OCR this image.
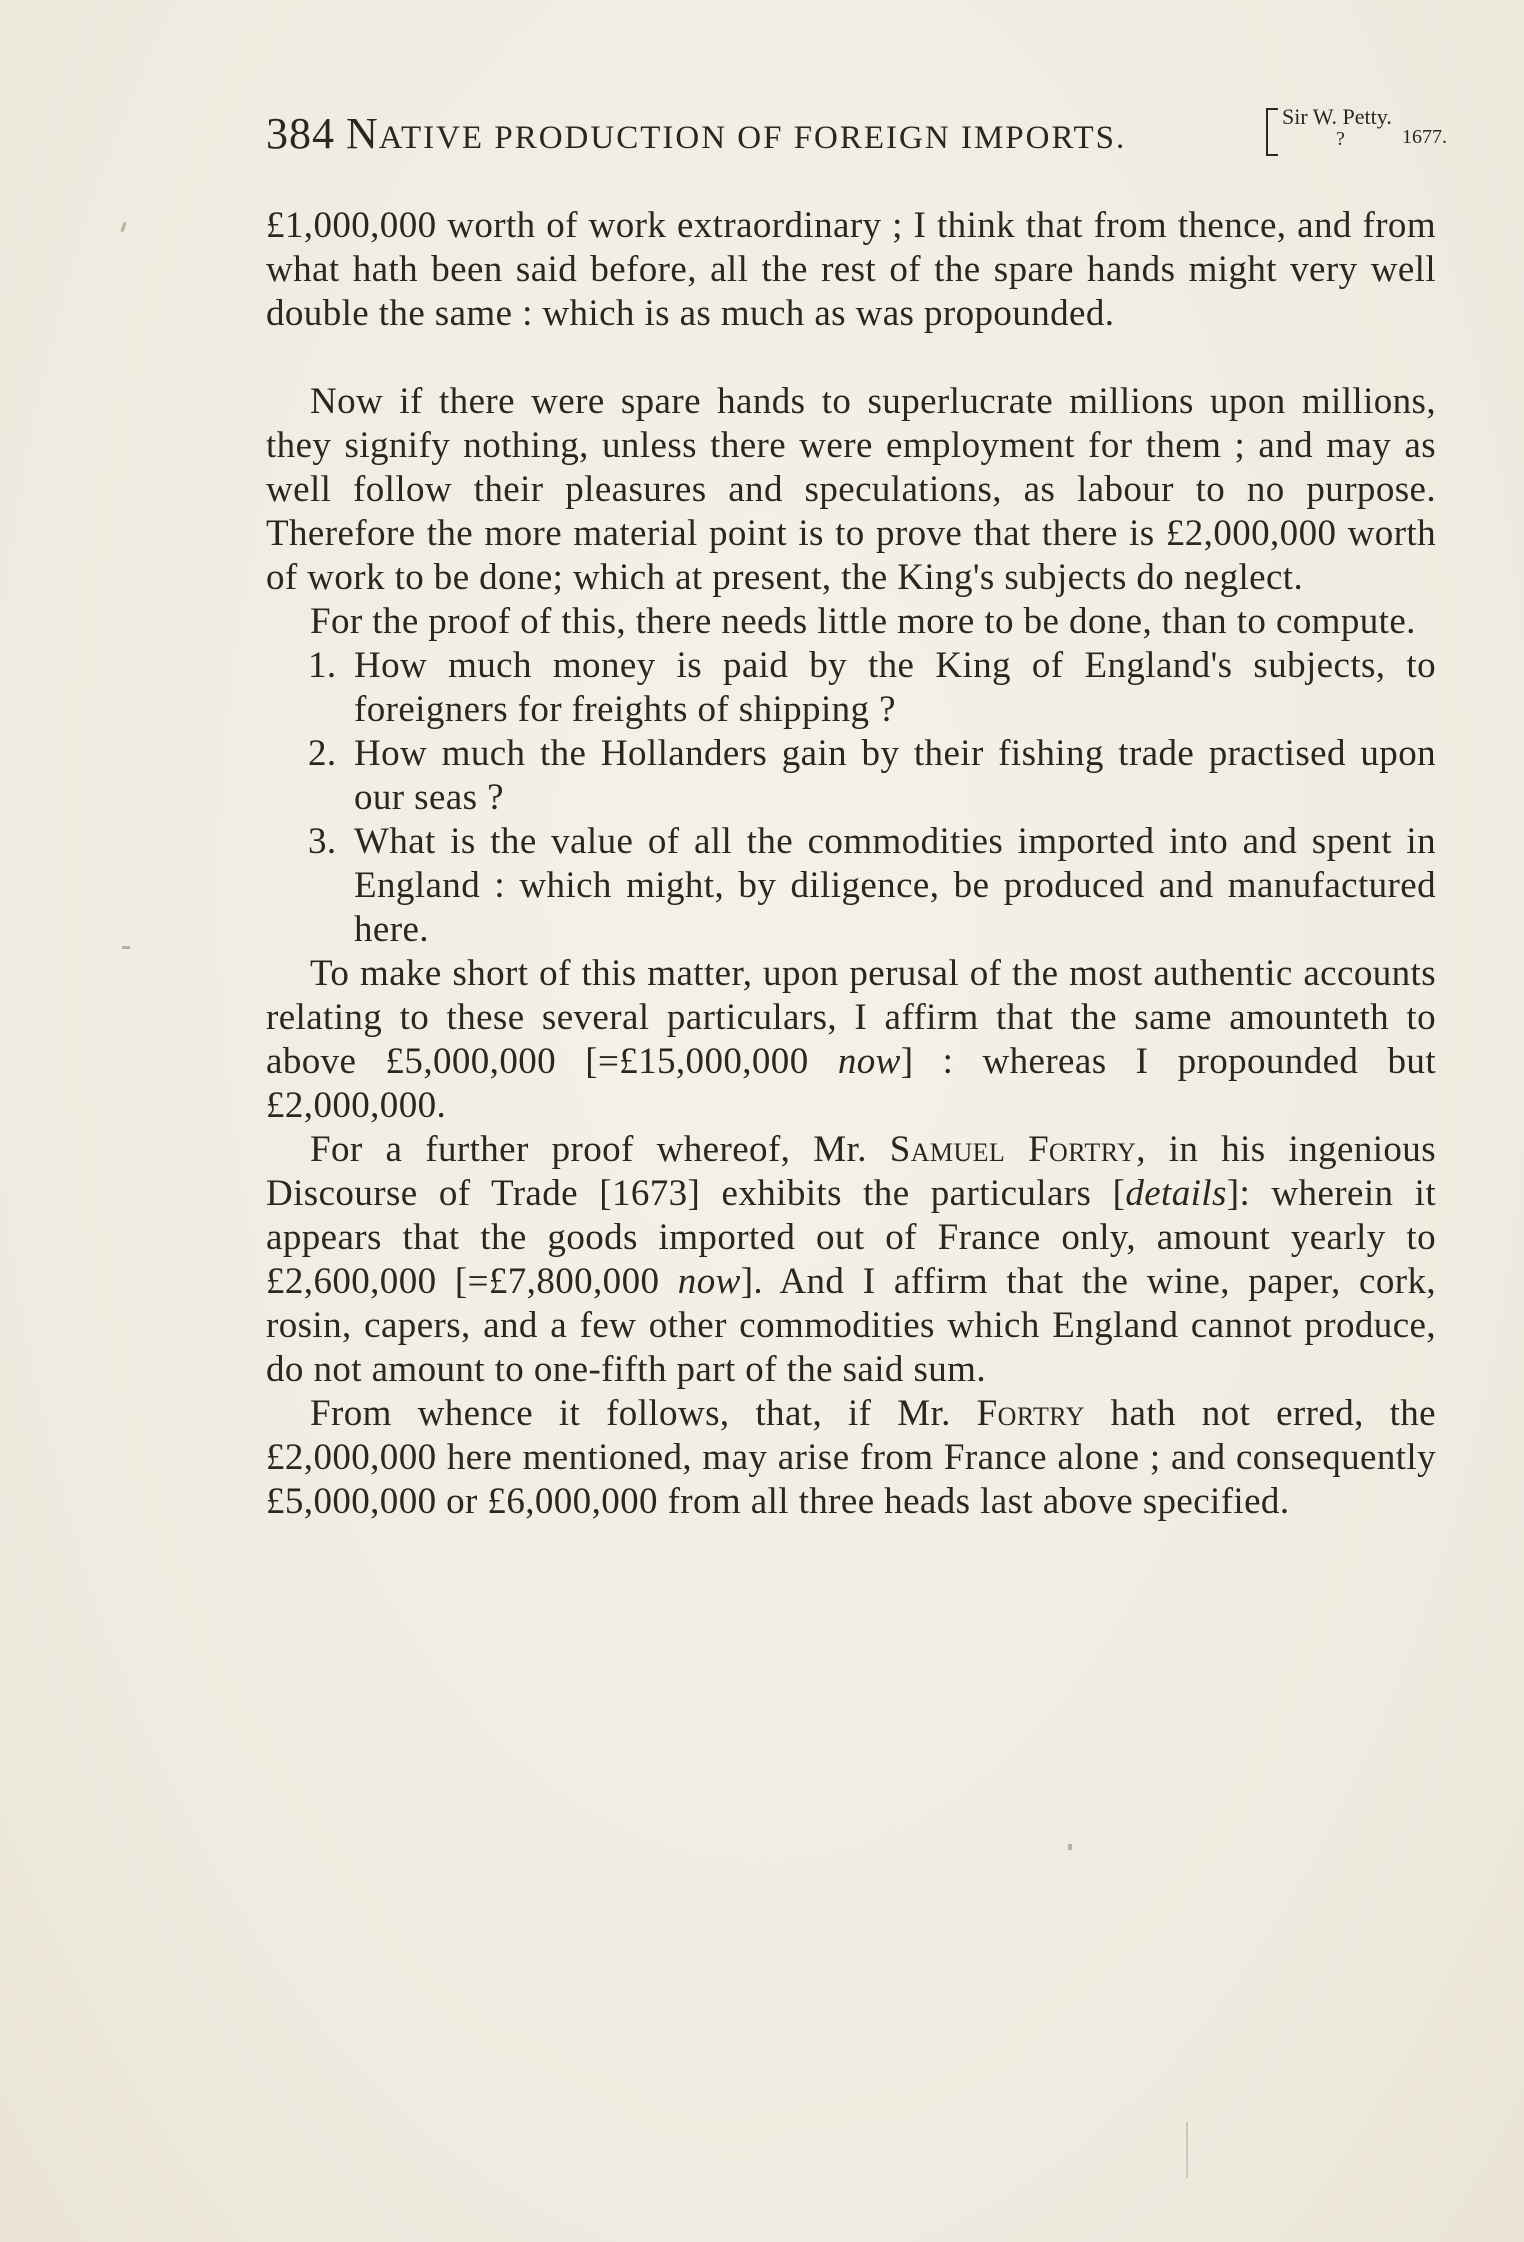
384 NATIVE PRODUCTION OF FOREIGN IMPORTS.
Sir W. Petty.
?	1677.

£1,000,000 worth of work extraordinary ; I think that from thence, and from what hath been said before, all the rest of the spare hands might very well double the same : which is as much as was propounded.

Now if there were spare hands to superlucrate millions upon millions, they signify nothing, unless there were employment for them ; and may as well follow their pleasures and speculations, as labour to no purpose. Therefore the more material point is to prove that there is £2,000,000 worth of work to be done; which at present, the King's subjects do neglect.

For the proof of this, there needs little more to be done, than to compute.

1. How much money is paid by the King of England's subjects, to foreigners for freights of shipping ?
2. How much the Hollanders gain by their fishing trade practised upon our seas ?
3. What is the value of all the commodities imported into and spent in England : which might, by diligence, be produced and manufactured here.

To make short of this matter, upon perusal of the most authentic accounts relating to these several particulars, I affirm that the same amounteth to above £5,000,000 [=£15,000,000 now] : whereas I propounded but £2,000,000.

For a further proof whereof, Mr. Samuel Fortry, in his ingenious Discourse of Trade [1673] exhibits the particulars [details]: wherein it appears that the goods imported out of France only, amount yearly to £2,600,000 [=£7,800,000 now]. And I affirm that the wine, paper, cork, rosin, capers, and a few other commodities which England cannot produce, do not amount to one-fifth part of the said sum.

From whence it follows, that, if Mr. Fortry hath not erred, the £2,000,000 here mentioned, may arise from France alone ; and consequently £5,000,000 or £6,000,000 from all three heads last above specified.
